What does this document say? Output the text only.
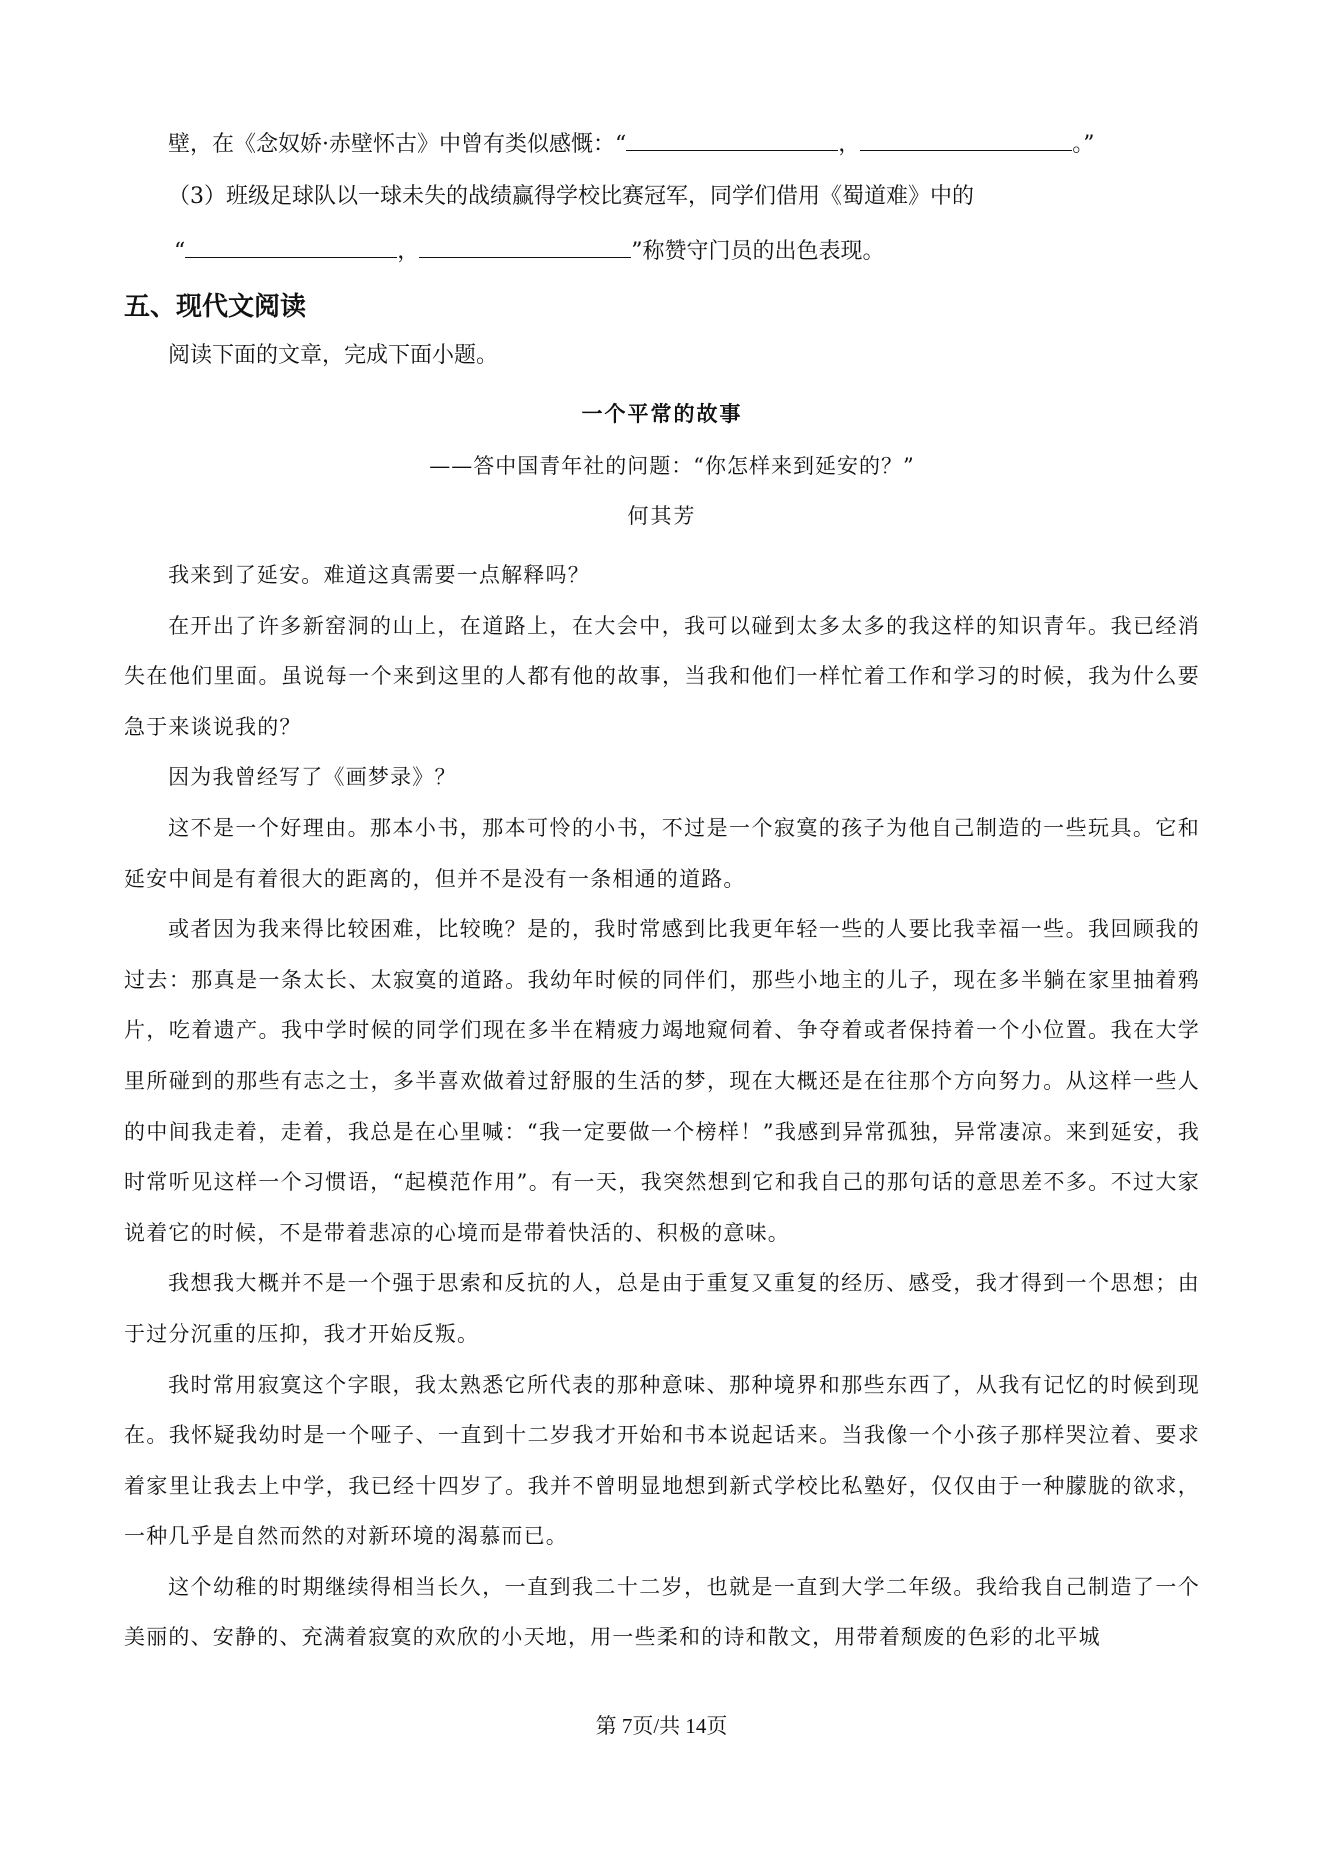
壁，在《念奴娇·赤壁怀古》中曾有类似感慨：“	，	。”
（3）班级足球队以一球未失的战绩赢得学校比赛冠军，同学们借用《蜀道难》中的
“	，	”称赞守门员的出色表现。
五、现代文阅读
阅读下面的文章，完成下面小题。
一个平常的故事
——答中国青年社的问题：“你怎样来到延安的？”
何其芳

我来到了延安。难道这真需要一点解释吗？

在开出了许多新窑洞的山上，在道路上，在大会中，我可以碰到太多太多的我这样的知识青年。我已经消失在他们里面。虽说每一个来到这里的人都有他的故事，当我和他们一样忙着工作和学习的时候，我为什么要急于来谈说我的？

因为我曾经写了《画梦录》？

这不是一个好理由。那本小书，那本可怜的小书，不过是一个寂寞的孩子为他自己制造的一些玩具。它和延安中间是有着很大的距离的，但并不是没有一条相通的道路。

或者因为我来得比较困难，比较晚？是的，我时常感到比我更年轻一些的人要比我幸福一些。我回顾我的过去：那真是一条太长、太寂寞的道路。我幼年时候的同伴们，那些小地主的儿子，现在多半躺在家里抽着鸦片，吃着遗产。我中学时候的同学们现在多半在精疲力竭地窥伺着、争夺着或者保持着一个小位置。我在大学里所碰到的那些有志之士，多半喜欢做着过舒服的生活的梦，现在大概还是在往那个方向努力。从这样一些人的中间我走着，走着，我总是在心里喊：“我一定要做一个榜样！”我感到异常孤独，异常凄凉。来到延安，我时常听见这样一个习惯语，“起模范作用”。有一天，我突然想到它和我自己的那句话的意思差不多。不过大家说着它的时候，不是带着悲凉的心境而是带着快活的、积极的意味。

我想我大概并不是一个强于思索和反抗的人，总是由于重复又重复的经历、感受，我才得到一个思想；由于过分沉重的压抑，我才开始反叛。

我时常用寂寞这个字眼，我太熟悉它所代表的那种意味、那种境界和那些东西了，从我有记忆的时候到现在。我怀疑我幼时是一个哑子、一直到十二岁我才开始和书本说起话来。当我像一个小孩子那样哭泣着、要求着家里让我去上中学，我已经十四岁了。我并不曾明显地想到新式学校比私塾好，仅仅由于一种朦胧的欲求，一种几乎是自然而然的对新环境的渴慕而已。

这个幼稚的时期继续得相当长久，一直到我二十二岁，也就是一直到大学二年级。我给我自己制造了一个美丽的、安静的、充满着寂寞的欢欣的小天地，用一些柔和的诗和散文，用带着颓废的色彩的北平城

第 7页/共 14页
